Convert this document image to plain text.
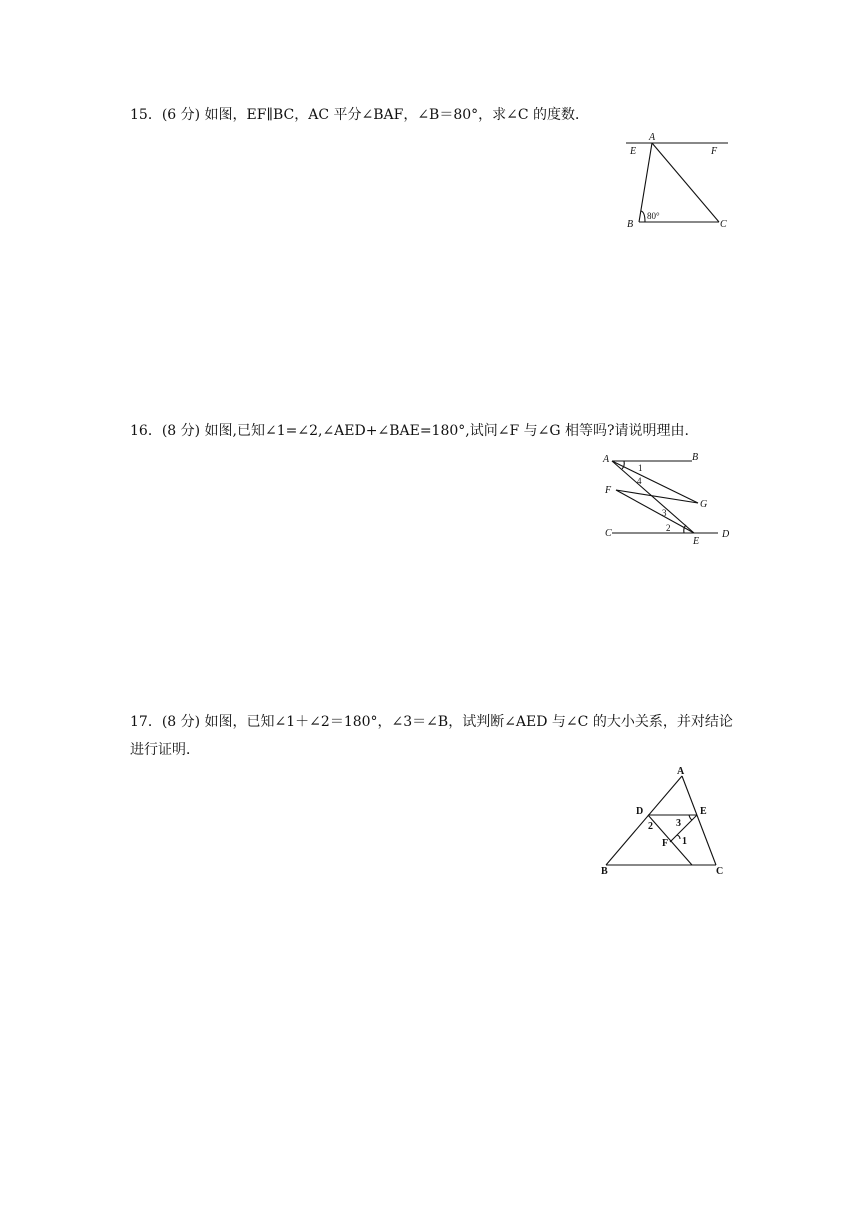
15．(6 分) 如图，EF∥BC，AC 平分∠BAF，∠B＝80°，求∠C 的度数．
A
E	F
B	C
80°
16．(8 分) 如图,已知∠1=∠2,∠AED+∠BAE=180°,试问∠F 与∠G 相等吗?请说明理由.
A	B
F
G
C
E
D
1
4
3
2
17．(8 分) 如图，已知∠1＋∠2＝180°，∠3＝∠B，试判断∠AED 与∠C 的大小关系，并对结论进行证明．
A
D	E
F
B	C
2 3
1
